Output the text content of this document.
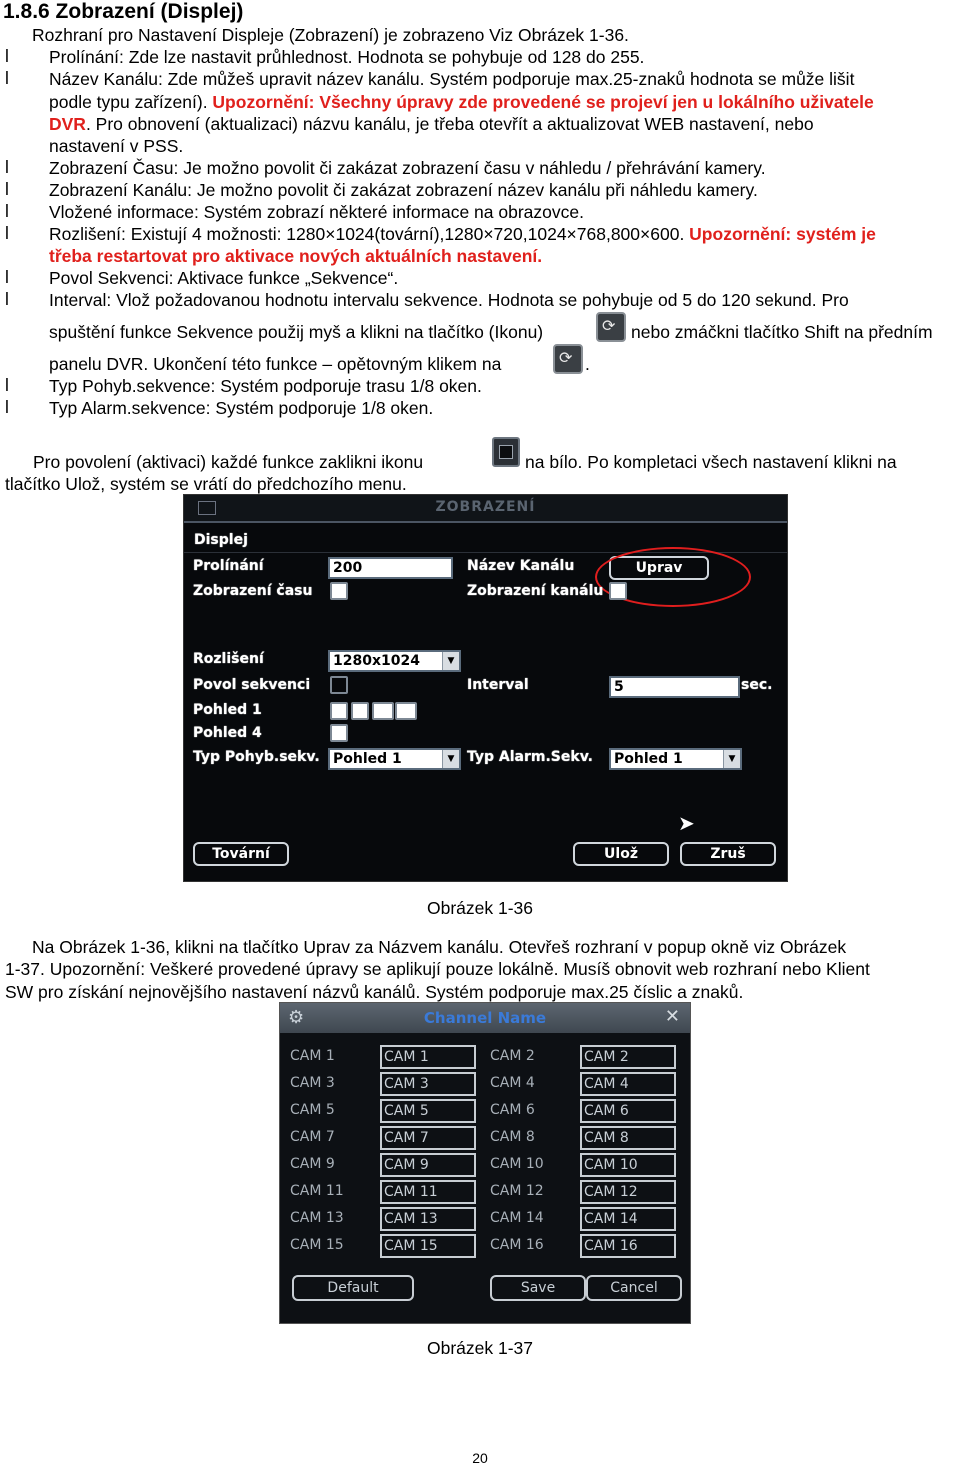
1.8.6 Zobrazení (Displej)
Rozhraní pro Nastavení Displeje (Zobrazení) je zobrazeno Viz Obrázek 1-36.
l	Prolínání: Zde lze nastavit průhlednost. Hodnota se pohybuje od 128 do 255.
l	Název Kanálu: Zde můžeš upravit název kanálu. Systém podporuje max.25-znaků hodnota se může lišit
podle typu zařízení). Upozornění: Všechny úpravy zde provedené se projeví jen u lokálního uživatele
DVR. Pro obnovení (aktualizaci) názvu kanálu, je třeba otevřít a aktualizovat WEB nastavení, nebo
nastavení v PSS.
l	Zobrazení Času: Je možno povolit či zakázat zobrazení času v náhledu / přehrávání kamery.
l	Zobrazení Kanálu: Je možno povolit či zakázat zobrazení název kanálu při náhledu kamery.
l	Vložené informace: Systém zobrazí některé informace na obrazovce.
l	Rozlišení: Existují 4 možnosti: 1280×1024(tovární),1280×720,1024×768,800×600. Upozornění: systém je
třeba restartovat pro aktivace nových aktuálních nastavení.
l	Povol Sekvenci: Aktivace funkce „Sekvence“.
l	Interval: Vlož požadovanou hodnotu intervalu sekvence. Hodnota se pohybuje od 5 do 120 sekund. Pro
spuštění funkce Sekvence použij myš a klikni na tlačítko (Ikonu)	⟳ nebo zmáčkni tlačítko Shift na předním
panelu DVR. Ukončení této funkce – opětovným klikem na	⟳ .
l	Typ Pohyb.sekvence: Systém podporuje trasu 1/8 oken.
l	Typ Alarm.sekvence: Systém podporuje 1/8 oken.
Pro povolení (aktivaci) každé funkce zaklikni ikonu	na bílo. Po kompletaci všech nastavení klikni na
tlačítko Ulož, systém se vrátí do předchozího menu.
ZOBRAZENÍ
Displej
Prolínání	200	Název Kanálu	Uprav
Zobrazení času	Zobrazení kanálu
Rozlišení	1280x1024	▼
Povol sekvenci	Interval	5	sec.
Pohled 1
Pohled 4
Typ Pohyb.sekv. Pohled 1	▼ Typ Alarm.Sekv.	Pohled 1	▼
➤
Tovární	Ulož	Zruš
Obrázek 1-36
Na Obrázek 1-36, klikni na tlačítko Uprav za Názvem kanálu. Otevřeš rozhraní v popup okně viz Obrázek
1-37. Upozornění: Veškeré provedené úpravy se aplikují pouze lokálně. Musíš obnovit web rozhraní nebo Klient
SW pro získání nejnovějšího nastavení názvů kanálů. Systém podporuje max.25 číslic a znaků.
⚙	Channel Name	✕
CAM 1	CAM 1	CAM 2	CAM 2
CAM 3	CAM 3	CAM 4	CAM 4
CAM 5	CAM 5	CAM 6	CAM 6
CAM 7	CAM 7	CAM 8	CAM 8
CAM 9	CAM 9	CAM 10	CAM 10
CAM 11	CAM 11	CAM 12	CAM 12
CAM 13	CAM 13	CAM 14	CAM 14
CAM 15	CAM 15	CAM 16	CAM 16
Default	Save	Cancel
Obrázek 1-37
20
